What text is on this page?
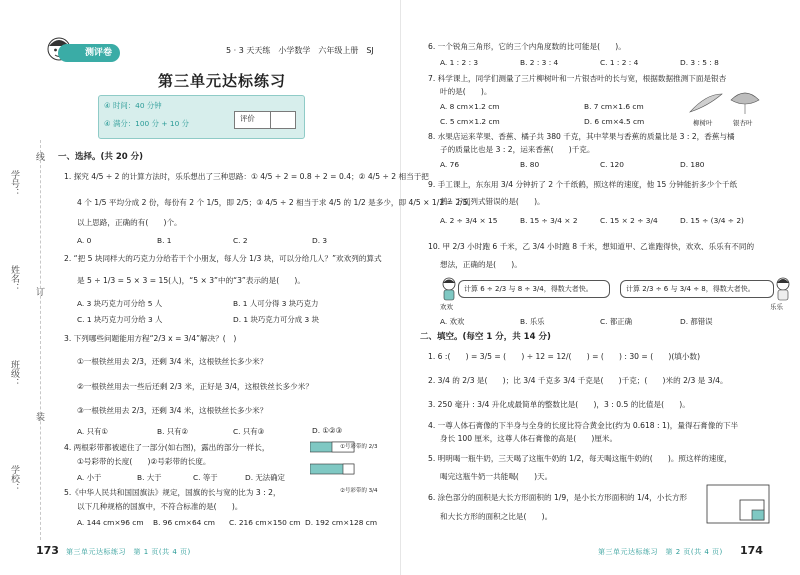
线
订
装
学号：
姓名：
班级：
学校：
测评卷	5 · 3 天天练　小学数学　六年级上册　SJ
第三单元达标练习
④ 时间：40 分钟
④ 满分：100 分 + 10 分
评价
一、选择。(共 20 分)
1. 探究 4/5 ÷ 2 的计算方法时，乐乐想出了三种思路：① 4/5 ÷ 2 = 0.8 ÷ 2 = 0.4；② 4/5 ÷ 2 相当于把
4 个 1/5 平均分成 2 份，每份有 2 个 1/5，即 2/5；③ 4/5 ÷ 2 相当于求 4/5 的 1/2 是多少，即 4/5 × 1/2 = 2/5。
以上思路，正确的有(　　)个。
A. 0	B. 1	C. 2	D. 3
2. “把 5 块同样大的巧克力分给若干个小朋友，每人分 1/3 块，可以分给几人？”欢欢列的算式
是 5 ÷ 1/3 = 5 × 3 = 15(人)，“5 × 3”中的“3”表示的是(　　)。
A. 3 块巧克力可分给 5 人	B. 1 人可分得 3 块巧克力
C. 1 块巧克力可分给 3 人	D. 1 块巧克力可分成 3 块
3. 下列哪些问题能用方程“2/3 x = 3/4”解决？(　)
①一根铁丝用去 2/3，还剩 3/4 米，这根铁丝长多少米？
②一根铁丝用去一些后还剩 2/3 米，正好是 3/4，这根铁丝长多少米？
③一根铁丝用去 2/3，还剩 3/4 米，这根铁丝长多少米？
A. 只有①	B. 只有②	C. 只有③	D. ①②③
4. 两根彩带都被遮住了一部分(如右图)，露出的部分一样长，
①号彩带的长度(　　)②号彩带的长度。
A. 小于	B. 大于	C. 等于	D. 无法确定
①号彩带的 2/3
②号彩带的 3/4
5.《中华人民共和国国旗法》规定，国旗的长与宽的比为 3 : 2，
以下几种规格的国旗中，不符合标准的是(　　)。
A. 144 cm×96 cm B. 96 cm×64 cm C. 216 cm×150 cm D. 192 cm×128 cm
6. 一个锐角三角形，它的三个内角度数的比可能是(　　)。
A. 1 : 2 : 3	B. 2 : 3 : 4	C. 1 : 2 : 4	D. 3 : 5 : 8
7. 科学课上，同学们测量了三片柳树叶和一片银杏叶的长与宽，根据数据推测下面是银杏
叶的是(　　)。
A. 8 cm×1.2 cm	B. 7 cm×1.6 cm
C. 5 cm×1.2 cm	D. 6 cm×4.5 cm	柳树叶	银杏叶
8. 水果店运来苹果、香蕉、橘子共 380 千克，其中苹果与香蕉的质量比是 3 : 2，香蕉与橘
子的质量比也是 3 : 2，运来香蕉(　　)千克。
A. 76	B. 80	C. 120	D. 180
9. 手工课上，东东用 3/4 分钟折了 2 个千纸鹤，照这样的速度，他 15 分钟能折多少个千纸
鹤？下面列式错误的是(　　)。
A. 2 ÷ 3/4 × 15	B. 15 ÷ 3/4 × 2	C. 15 × 2 ÷ 3/4	D. 15 ÷ (3/4 ÷ 2)
10. 甲 2/3 小时跑 6 千米，乙 3/4 小时跑 8 千米，想知道甲、乙谁跑得快，欢欢、乐乐有不同的
想法，正确的是(　　)。
计算 6 ÷ 2/3 与 8 ÷ 3/4，得数大者快。	计算 2/3 ÷ 6 与 3/4 ÷ 8，得数大者快。
欢欢	乐乐
A. 欢欢	B. 乐乐	C. 都正确	D. 都错误
二、填空。(每空 1 分，共 14 分)
1. 6 :(　　) = 3/5 = (　　) ÷ 12 = 12/(　　) = (　　) : 30 = (　　)(填小数)
2. 3/4 的 2/3 是(　　)；比 3/4 千克多 3/4 千克是(　　)千克；(　　)米的 2/3 是 3/4。
3. 250 毫升 : 3/4 升化成最简单的整数比是(　　)，3 : 0.5 的比值是(　　)。
4. 一尊人体石膏像的下半身与全身的长度比符合黄金比(约为 0.618 : 1)，量得石膏像的下半
身长 100 厘米，这尊人体石膏像的高是(　　)厘米。
5. 明明喝一瓶牛奶，三天喝了这瓶牛奶的 1/2，每天喝这瓶牛奶的(　　)。照这样的速度，
喝完这瓶牛奶一共能喝(　　)天。
6. 涂色部分的面积是大长方形面积的 1/9，是小长方形面积的 1/4，小长方形
和大长方形的面积之比是(　　)。
173 第三单元达标练习　第 1 页(共 4 页)	第三单元达标练习　第 2 页(共 4 页) 174
